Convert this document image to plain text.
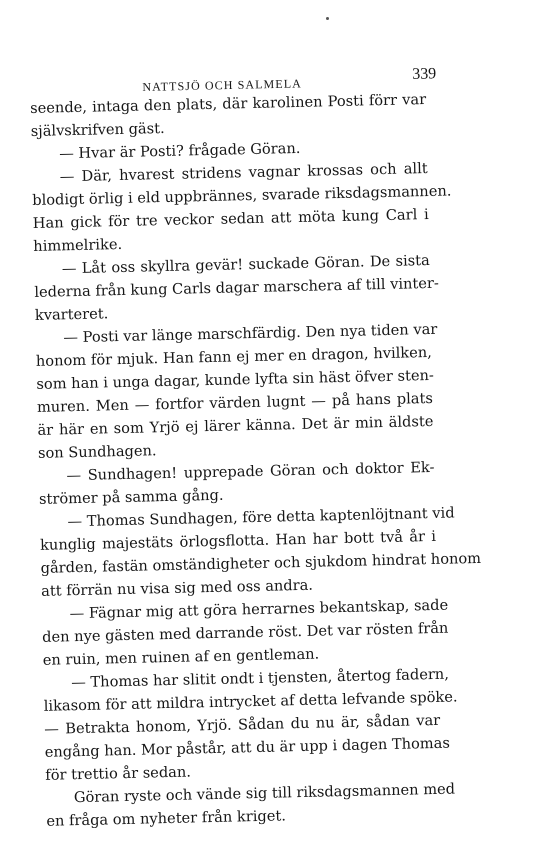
NATTSJÖ OCH SALMELA
339
seende, intaga den plats, där karolinen Posti förr var
självskrifven gäst.
— Hvar är Posti? frågade Göran.
— Där, hvarest stridens vagnar krossas och allt
blodigt örlig i eld uppbrännes, svarade riksdagsmannen.
Han gick för tre veckor sedan att möta kung Carl i
himmelrike.
— Låt oss skyllra gevär! suckade Göran. De sista
lederna från kung Carls dagar marschera af till vinter-
kvarteret.
— Posti var länge marschfärdig. Den nya tiden var
honom för mjuk. Han fann ej mer en dragon, hvilken,
som han i unga dagar, kunde lyfta sin häst öfver sten-
muren. Men — fortfor värden lugnt — på hans plats
är här en som Yrjö ej lärer känna. Det är min äldste
son Sundhagen.
— Sundhagen! upprepade Göran och doktor Ek-
strömer på samma gång.
— Thomas Sundhagen, före detta kaptenlöjtnant vid
kunglig majestäts örlogsflotta. Han har bott två år i
gården, fastän omständigheter och sjukdom hindrat honom
att förrän nu visa sig med oss andra.
— Fägnar mig att göra herrarnes bekantskap, sade
den nye gästen med darrande röst. Det var rösten från
en ruin, men ruinen af en gentleman.
— Thomas har slitit ondt i tjensten, återtog fadern,
likasom för att mildra intrycket af detta lefvande spöke.
— Betrakta honom, Yrjö. Sådan du nu är, sådan var
engång han. Mor påstår, att du är upp i dagen Thomas
för trettio år sedan.
Göran ryste och vände sig till riksdagsmannen med
en fråga om nyheter från kriget.
